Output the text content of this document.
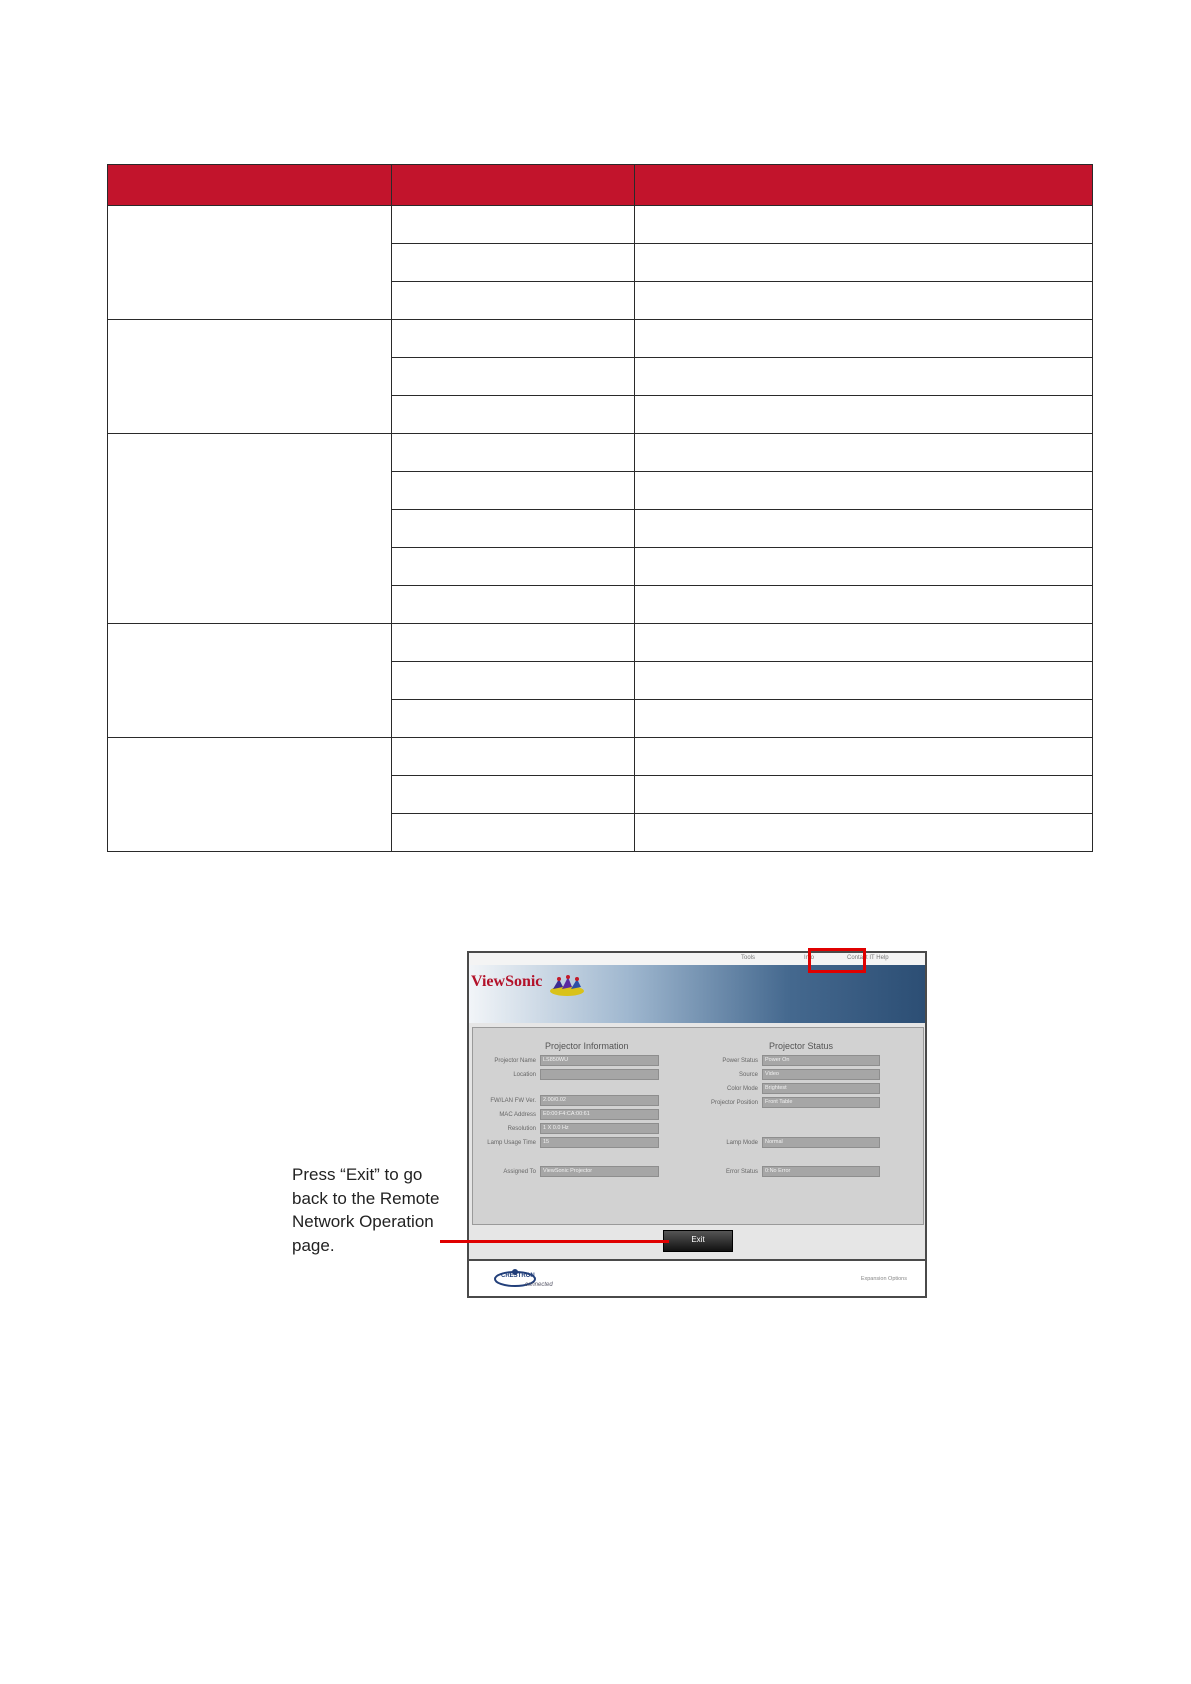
Tools	Info	Contact IT Help
ViewSonic
Projector Information	Projector Status
Projector Name	LS850WU
Location
FW/LAN FW Ver.	2.00/0.02
MAC Address	E0:00:F4:CA:00:61
Resolution	1 X 0.0 Hz
Lamp Usage Time	15
Assigned To	ViewSonic Projector
Power Status	Power On
Source	Video
Color Mode	Brightest
Projector Position	Front Table
Lamp Mode	Normal
Error Status	0:No Error
Exit
CRESTRON
connected
Expansion Options
Press “Exit” to go back to the Remote Network Operation page.
